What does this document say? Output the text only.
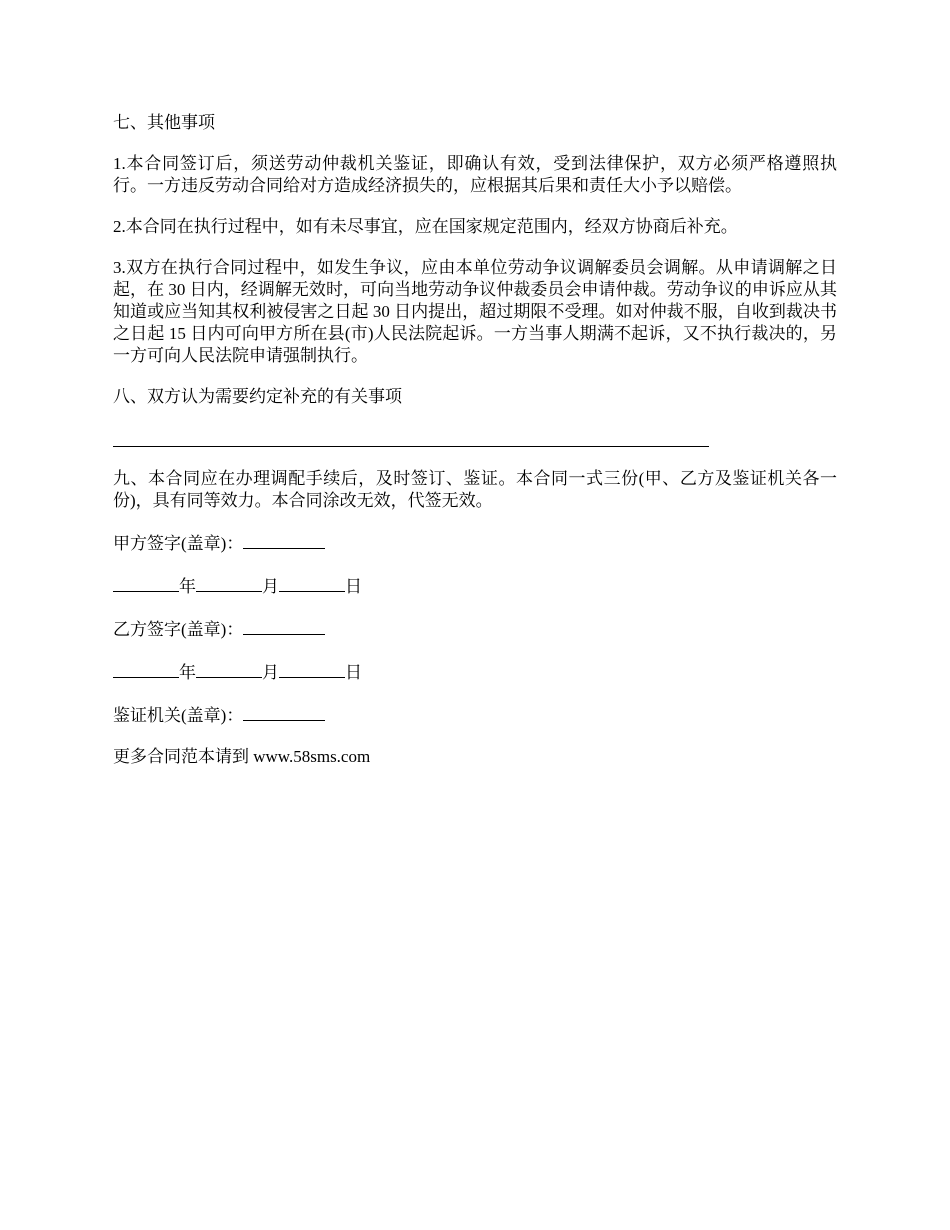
七、其他事项

1.本合同签订后，须送劳动仲裁机关鉴证，即确认有效，受到法律保护，双方必须严格遵照执行。一方违反劳动合同给对方造成经济损失的，应根据其后果和责任大小予以赔偿。

2.本合同在执行过程中，如有未尽事宜，应在国家规定范围内，经双方协商后补充。

3.双方在执行合同过程中，如发生争议，应由本单位劳动争议调解委员会调解。从申请调解之日起，在 30 日内，经调解无效时，可向当地劳动争议仲裁委员会申请仲裁。劳动争议的申诉应从其知道或应当知其权利被侵害之日起 30 日内提出，超过期限不受理。如对仲裁不服，自收到裁决书之日起 15 日内可向甲方所在县(市)人民法院起诉。一方当事人期满不起诉，又不执行裁决的，另一方可向人民法院申请强制执行。

八、双方认为需要约定补充的有关事项

九、本合同应在办理调配手续后，及时签订、鉴证。本合同一式三份(甲、乙方及鉴证机关各一份)，具有同等效力。本合同涂改无效，代签无效。

甲方签字(盖章)：
年	月	日
乙方签字(盖章)：
年	月	日
鉴证机关(盖章)：

更多合同范本请到 www.58sms.com
